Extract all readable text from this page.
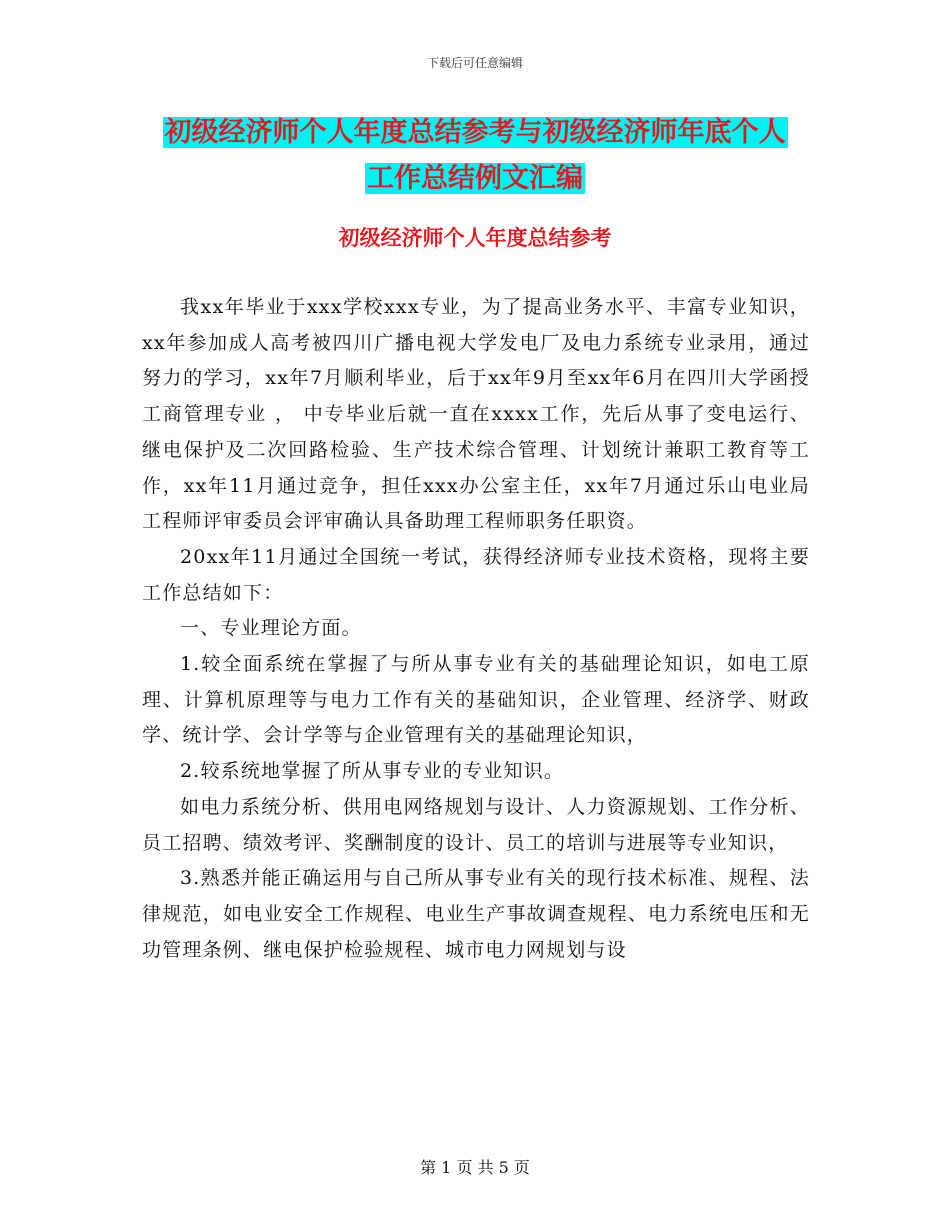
下载后可任意编辑
初级经济师个人年度总结参考与初级经济师年底个人
工作总结例文汇编
初级经济师个人年度总结参考

我xx年毕业于xxx学校xxx专业，为了提高业务水平、丰富专业知识，xx年参加成人高考被四川广播电视大学发电厂及电力系统专业录用，通过努力的学习，xx年7月顺利毕业，后于xx年9月至xx年6月在四川大学函授工商管理专业 ， 中专毕业后就一直在xxxx工作，先后从事了变电运行、继电保护及二次回路检验、生产技术综合管理、计划统计兼职工教育等工作，xx年11月通过竞争，担任xxx办公室主任，xx年7月通过乐山电业局工程师评审委员会评审确认具备助理工程师职务任职资。

20xx年11月通过全国统一考试，获得经济师专业技术资格，现将主要工作总结如下：

一、专业理论方面。

1.较全面系统在掌握了与所从事专业有关的基础理论知识，如电工原理、计算机原理等与电力工作有关的基础知识，企业管理、经济学、财政学、统计学、会计学等与企业管理有关的基础理论知识，

2.较系统地掌握了所从事专业的专业知识。

如电力系统分析、供用电网络规划与设计、人力资源规划、工作分析、员工招聘、绩效考评、奖酬制度的设计、员工的培训与进展等专业知识，

3.熟悉并能正确运用与自己所从事专业有关的现行技术标准、规程、法律规范，如电业安全工作规程、电业生产事故调查规程、电力系统电压和无功管理条例、继电保护检验规程、城市电力网规划与设

第 1 页 共 5 页
